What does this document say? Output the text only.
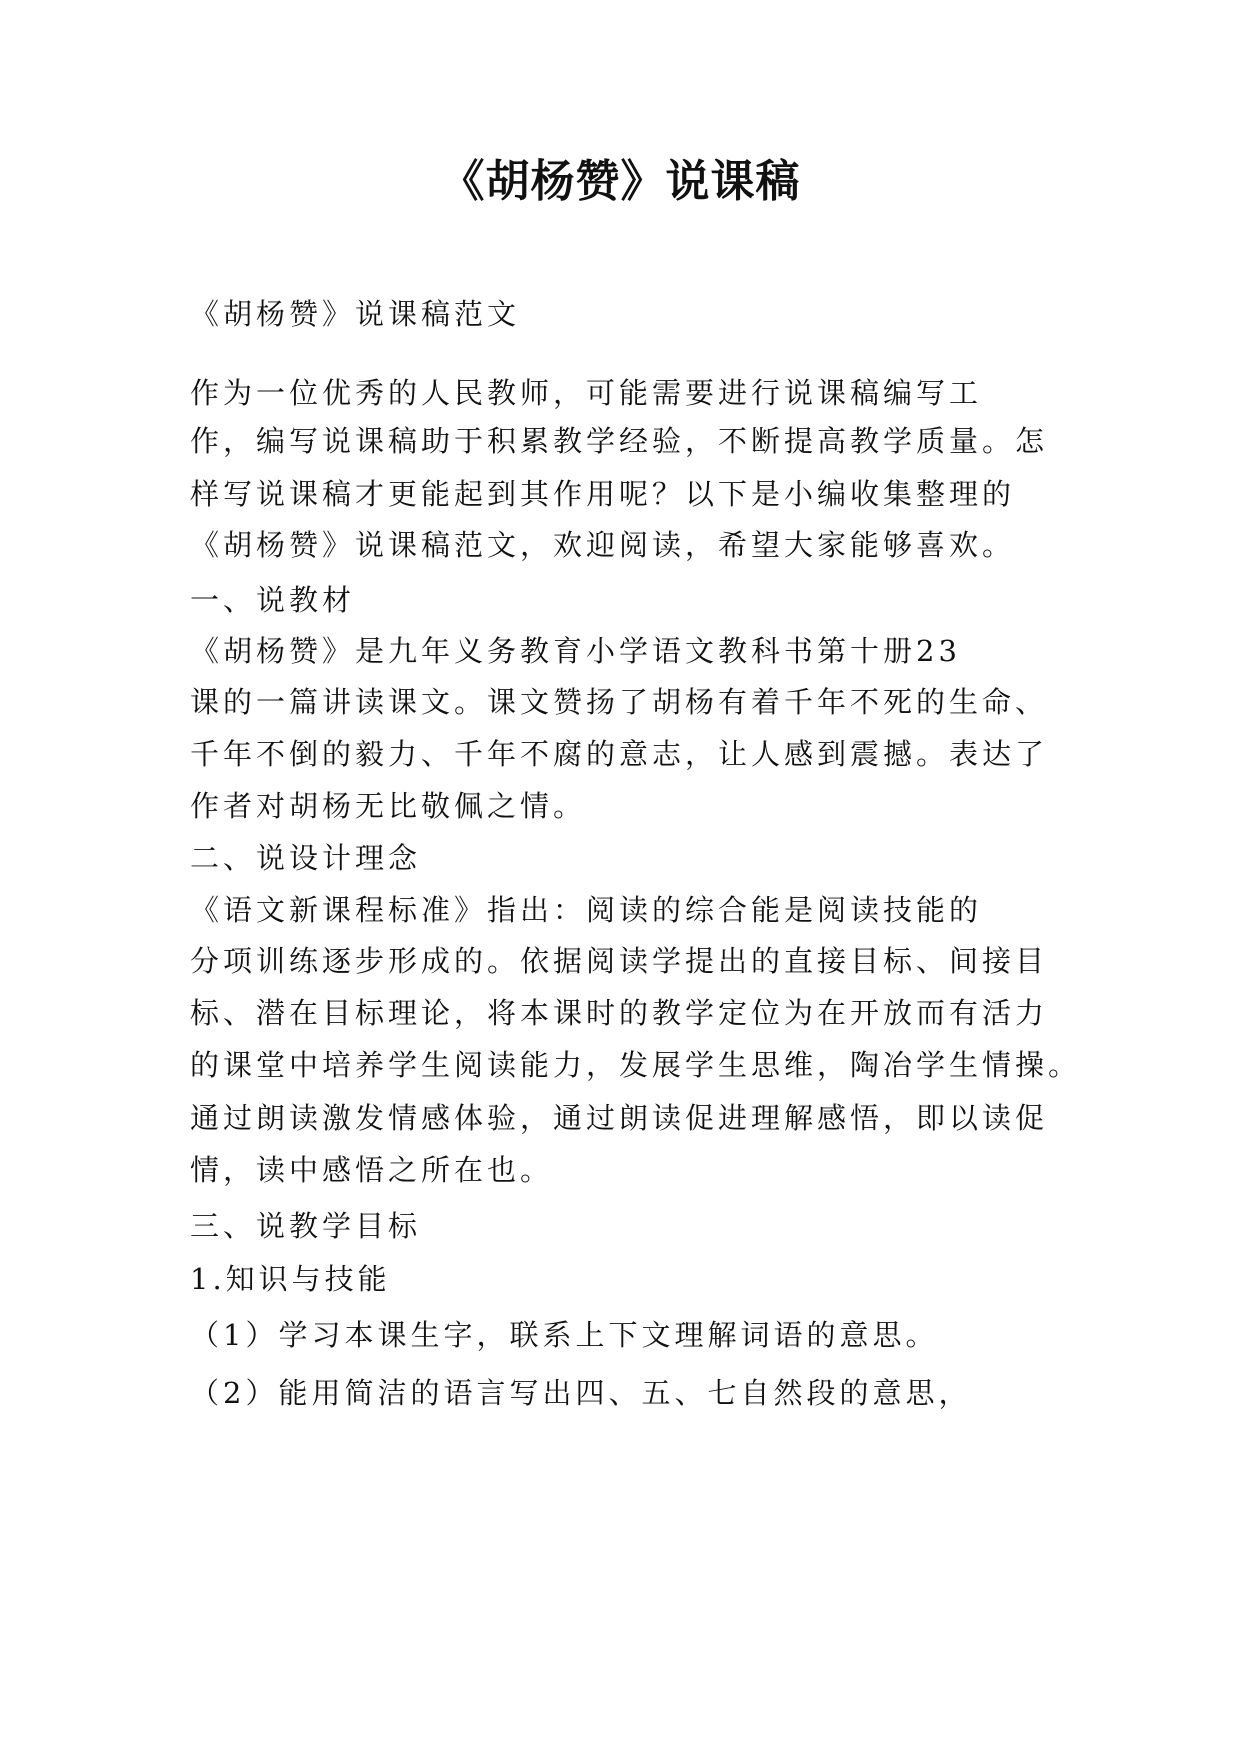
《胡杨赞》说课稿
《胡杨赞》说课稿范文
作为一位优秀的人民教师，可能需要进行说课稿编写工
作，编写说课稿助于积累教学经验，不断提高教学质量。怎
样写说课稿才更能起到其作用呢？以下是小编收集整理的
《胡杨赞》说课稿范文，欢迎阅读，希望大家能够喜欢。
一、说教材
《胡杨赞》是九年义务教育小学语文教科书第十册23
课的一篇讲读课文。课文赞扬了胡杨有着千年不死的生命、
千年不倒的毅力、千年不腐的意志，让人感到震撼。表达了
作者对胡杨无比敬佩之情。
二、说设计理念
《语文新课程标准》指出：阅读的综合能是阅读技能的
分项训练逐步形成的。依据阅读学提出的直接目标、间接目
标、潜在目标理论，将本课时的教学定位为在开放而有活力
的课堂中培养学生阅读能力，发展学生思维，陶冶学生情操。
通过朗读激发情感体验，通过朗读促进理解感悟，即以读促
情，读中感悟之所在也。
三、说教学目标
1.知识与技能
（1）学习本课生字，联系上下文理解词语的意思。
（2）能用简洁的语言写出四、五、七自然段的意思，
